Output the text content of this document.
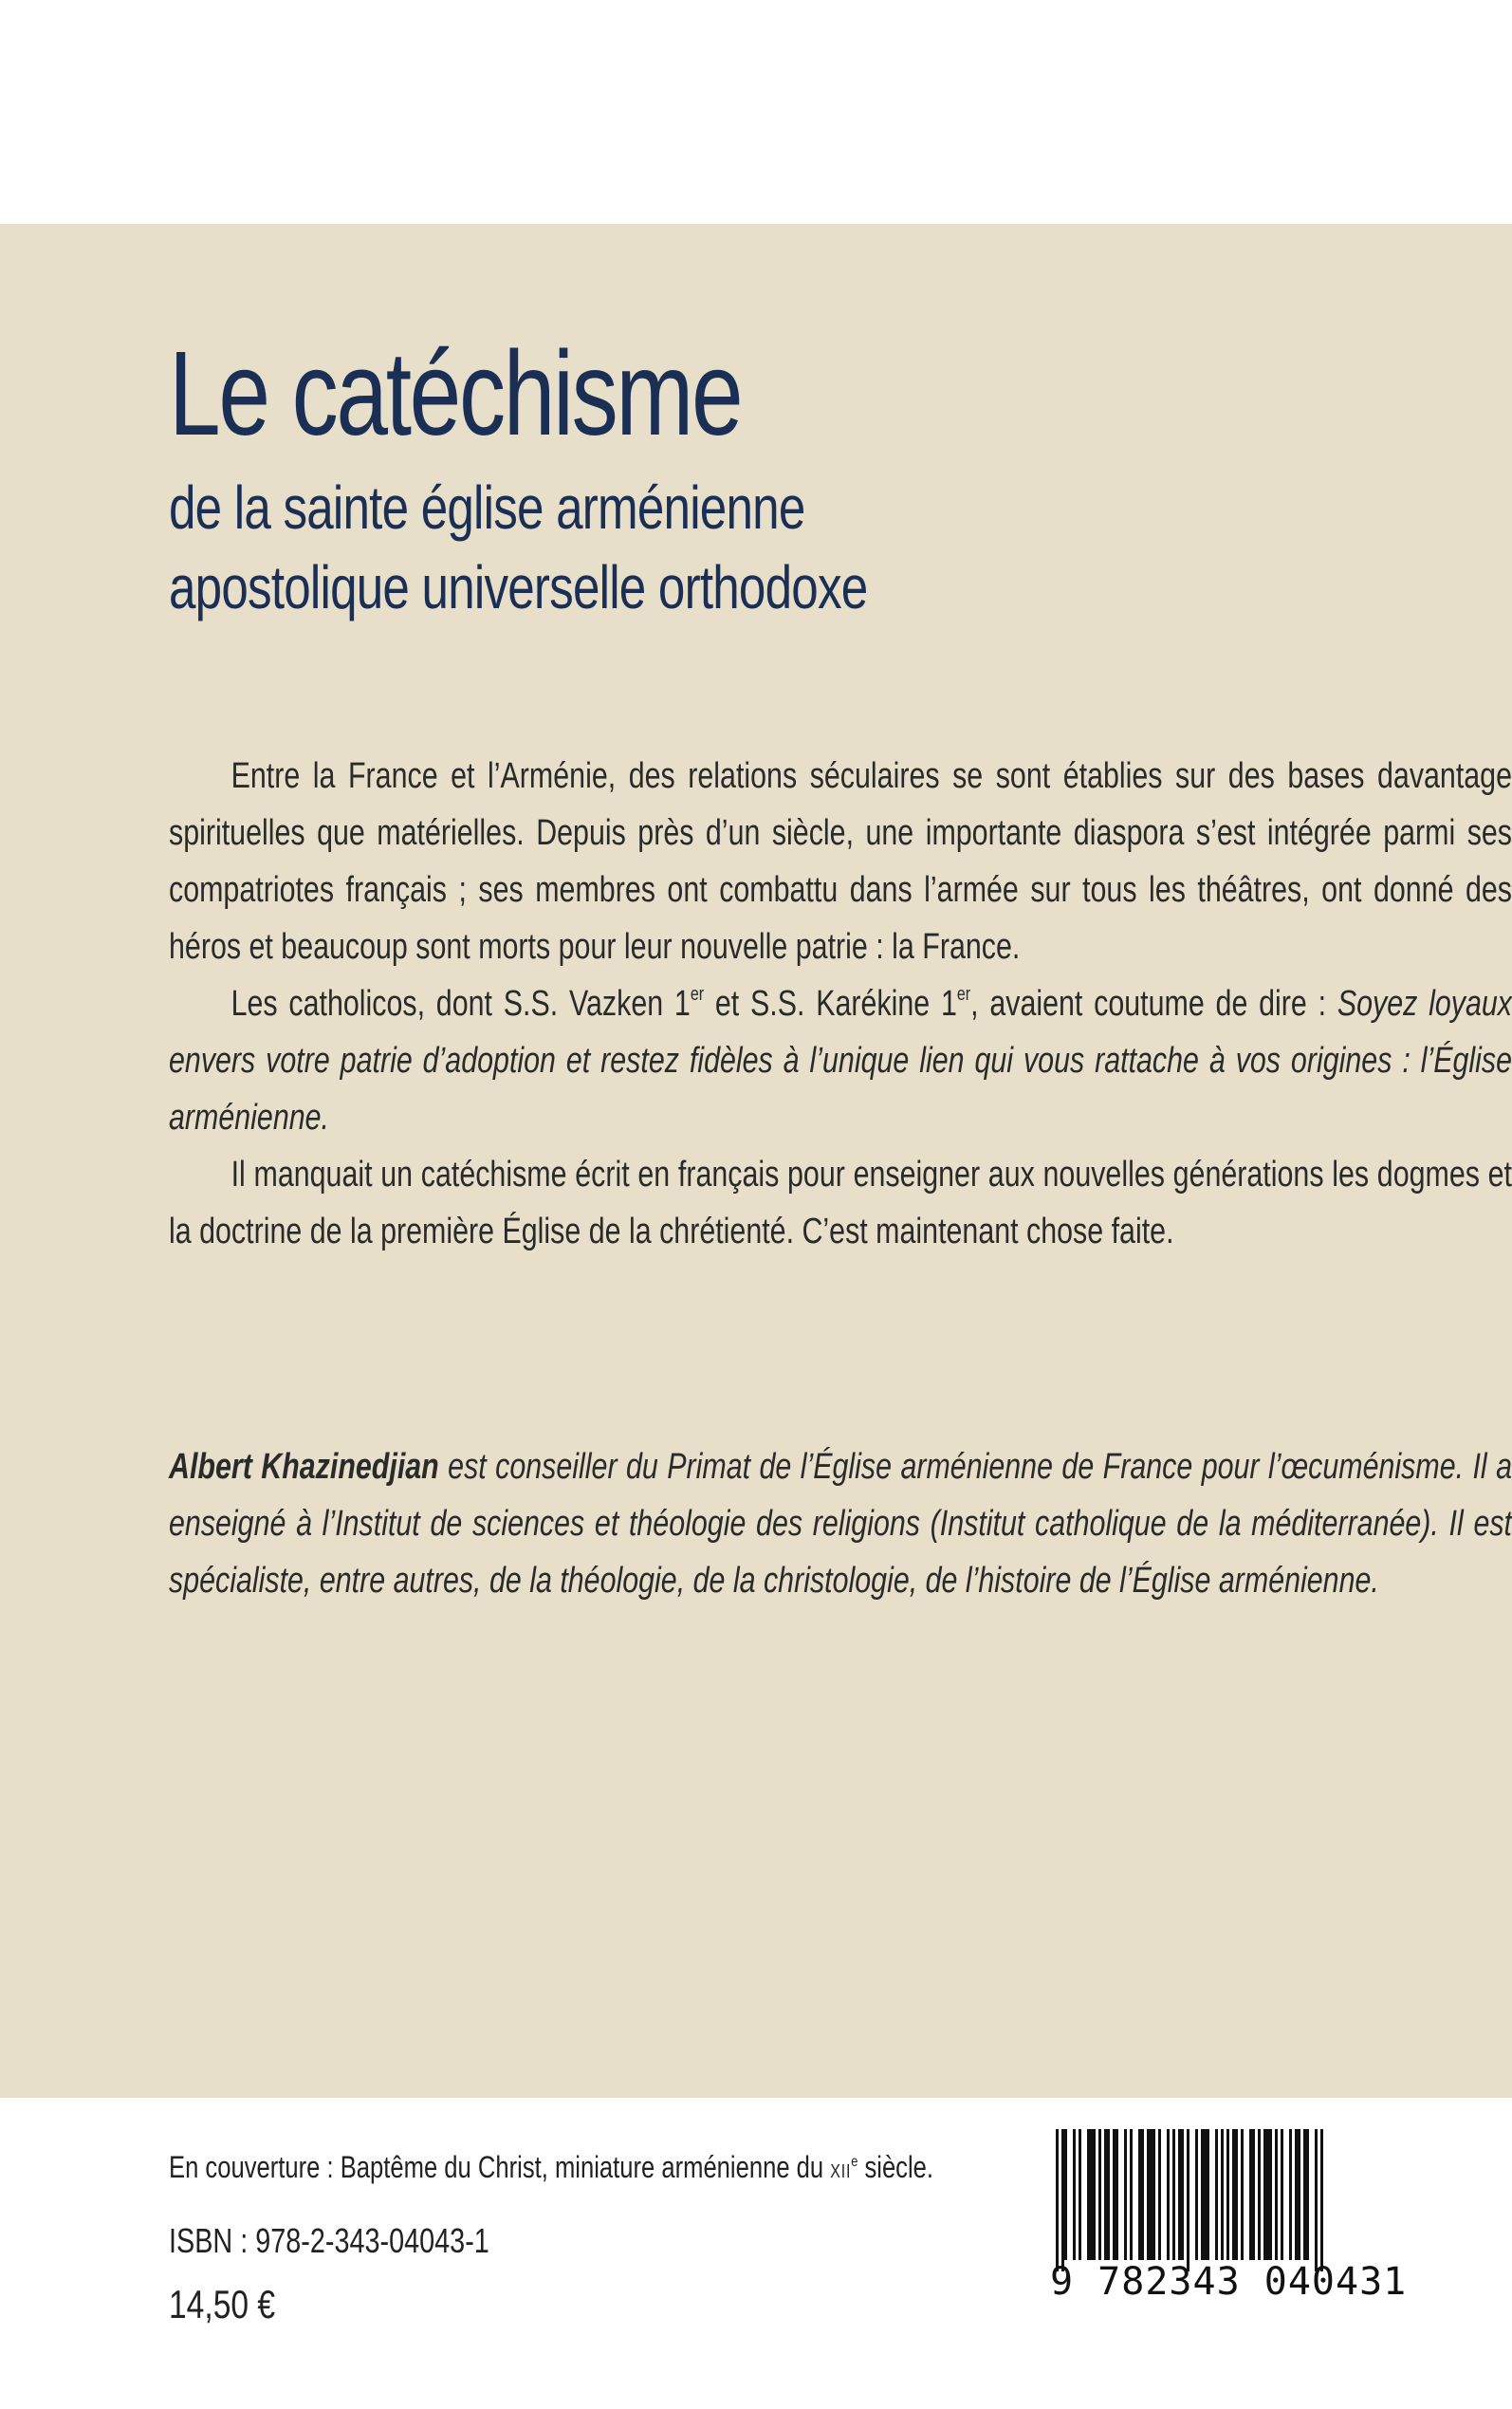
Le catéchisme
de la sainte église arménienne
apostolique universelle orthodoxe

Entre la France et l’Arménie, des relations séculaires se sont établies sur des bases davantage spirituelles que matérielles. Depuis près d’un siècle, une importante diaspora s’est intégrée parmi ses compatriotes français ; ses membres ont combattu dans l’armée sur tous les théâtres, ont donné des héros et beaucoup sont morts pour leur nouvelle patrie : la France.

Les catholicos, dont S.S. Vazken 1er et S.S. Karékine 1er, avaient coutume de dire : Soyez loyaux envers votre patrie d’adoption et restez fidèles à l’unique lien qui vous rattache à vos origines : l’Église arménienne.

Il manquait un catéchisme écrit en français pour enseigner aux nouvelles générations les dogmes et la doctrine de la première Église de la chrétienté. C’est maintenant chose faite.

Albert Khazinedjian est conseiller du Primat de l’Église arménienne de France pour l’œcuménisme. Il a enseigné à l’Institut de sciences et théologie des religions (Institut catholique de la méditerranée). Il est spécialiste, entre autres, de la théologie, de la christologie, de l’histoire de l’Église arménienne.
En couverture : Baptême du Christ, miniature arménienne du XIIe siècle.
ISBN : 978-2-343-04043-1
14,50 €	9 782343 040431
